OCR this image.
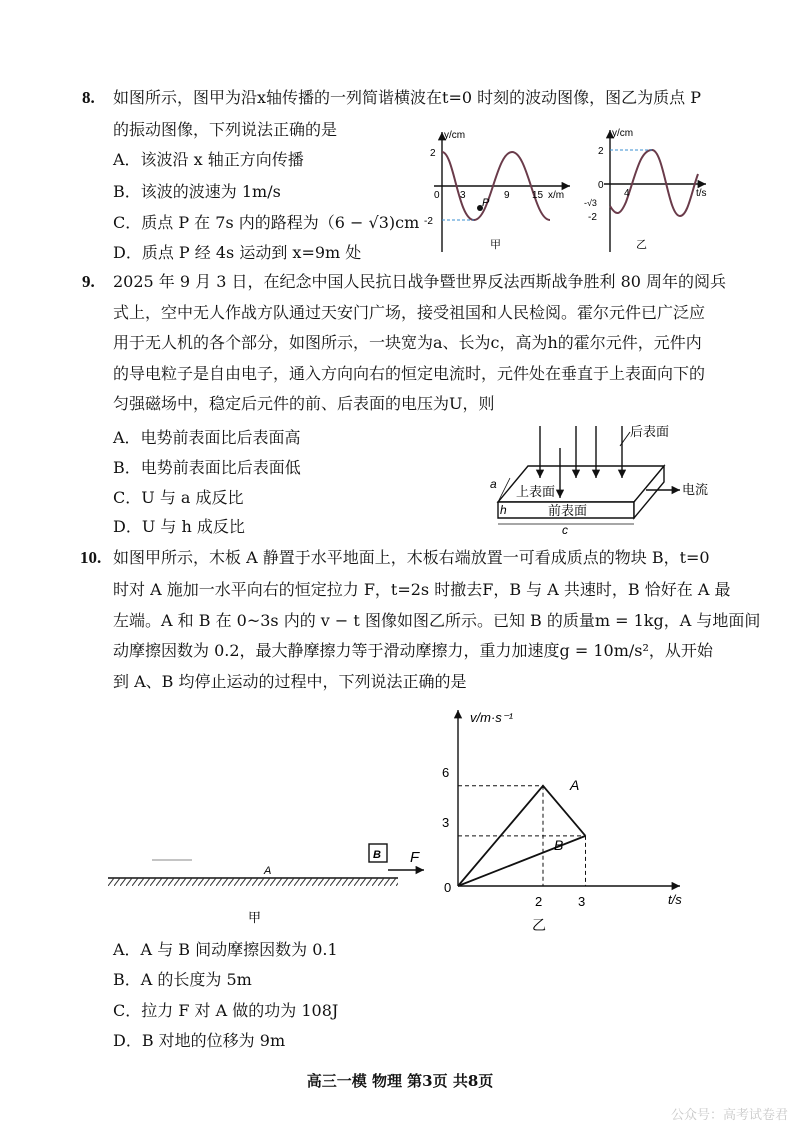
8. 如图所示，图甲为沿x轴传播的一列简谐横波在t=0 时刻的波动图像，图乙为质点 P
的振动图像，下列说法正确的是
A．该波沿 x 轴正方向传播
B．该波的波速为 1m/s
C．质点 P 在 7s 内的路程为（6 − √3)cm
D．质点 P 经 4s 运动到 x=9m 处
P
y/cm
x/m
2
-2
0 3	9 15
甲
y/cm
t/s
2
0
-√3
-2
4
乙
9. 2025 年 9 月 3 日，在纪念中国人民抗日战争暨世界反法西斯战争胜利 80 周年的阅兵
式上，空中无人作战方队通过天安门广场，接受祖国和人民检阅。霍尔元件已广泛应
用于无人机的各个部分，如图所示，一块宽为a、长为c，高为h的霍尔元件，元件内
的导电粒子是自由电子，通入方向向右的恒定电流时，元件处在垂直于上表面向下的
匀强磁场中，稳定后元件的前、后表面的电压为U，则
A．电势前表面比后表面高
B．电势前表面比后表面低
C．U 与 a 成反比
D．U 与 h 成反比
后表面
上表面
前表面
电流
a
h
c
10. 如图甲所示，木板 A 静置于水平地面上，木板右端放置一可看成质点的物块 B，t=0
时对 A 施加一水平向右的恒定拉力 F，t=2s 时撤去F，B 与 A 共速时，B 恰好在 A 最
左端。A 和 B 在 0~3s 内的 v − t 图像如图乙所示。已知 B 的质量m = 1kg，A 与地面间
动摩擦因数为 0.2，最大静摩擦力等于滑动摩擦力，重力加速度g = 10m/s²，从开始
到 A、B 均停止运动的过程中，下列说法正确的是
A
B F
甲
v/m·s⁻¹
t/s
0
6
3
2	3
A
B
乙
A．A 与 B 间动摩擦因数为 0.1
B．A 的长度为 5m
C．拉力 F 对 A 做的功为 108J
D．B 对地的位移为 9m
高三一模 物理 第3页 共8页
公众号：高考试卷君
